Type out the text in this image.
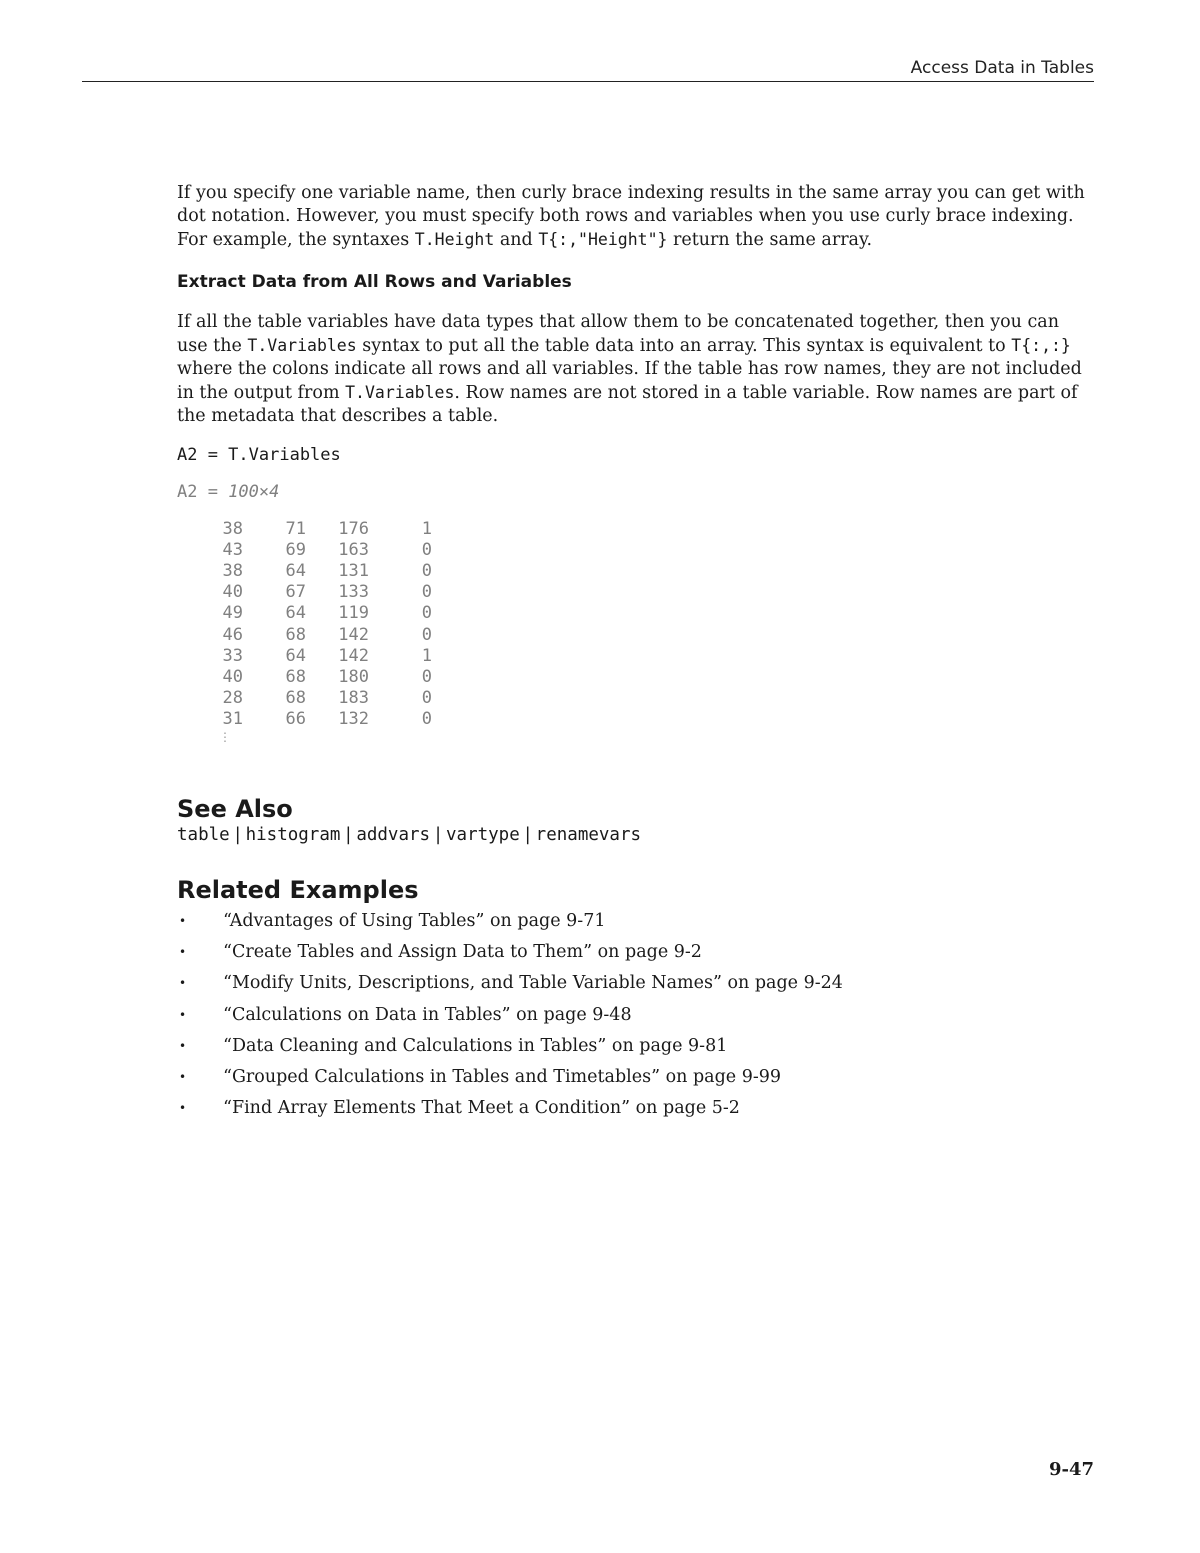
Access Data in Tables

If you specify one variable name, then curly brace indexing results in the same array you can get with dot notation. However, you must specify both rows and variables when you use curly brace indexing. For example, the syntaxes T.Height and T{:,"Height"} return the same array.

Extract Data from All Rows and Variables

If all the table variables have data types that allow them to be concatenated together, then you can use the T.Variables syntax to put all the table data into an array. This syntax is equivalent to T{:,:} where the colons indicate all rows and all variables. If the table has row names, they are not included in the output from T.Variables. Row names are not stored in a table variable. Row names are part of the metadata that describes a table.

A2 = T.Variables
A2 = 100×4
38	71	176	1
43	69	163	0
38	64	131	0
40	67	133	0
49	64	119	0
46	68	142	0
33	64	142	1
40	68	180	0
28	68	183	0
31	66	132	0
⋮
See Also
table | histogram | addvars | vartype | renamevars
Related Examples
• “Advantages of Using Tables” on page 9-71
• “Create Tables and Assign Data to Them” on page 9-2
• “Modify Units, Descriptions, and Table Variable Names” on page 9-24
• “Calculations on Data in Tables” on page 9-48
• “Data Cleaning and Calculations in Tables” on page 9-81
• “Grouped Calculations in Tables and Timetables” on page 9-99
• “Find Array Elements That Meet a Condition” on page 5-2
9-47
